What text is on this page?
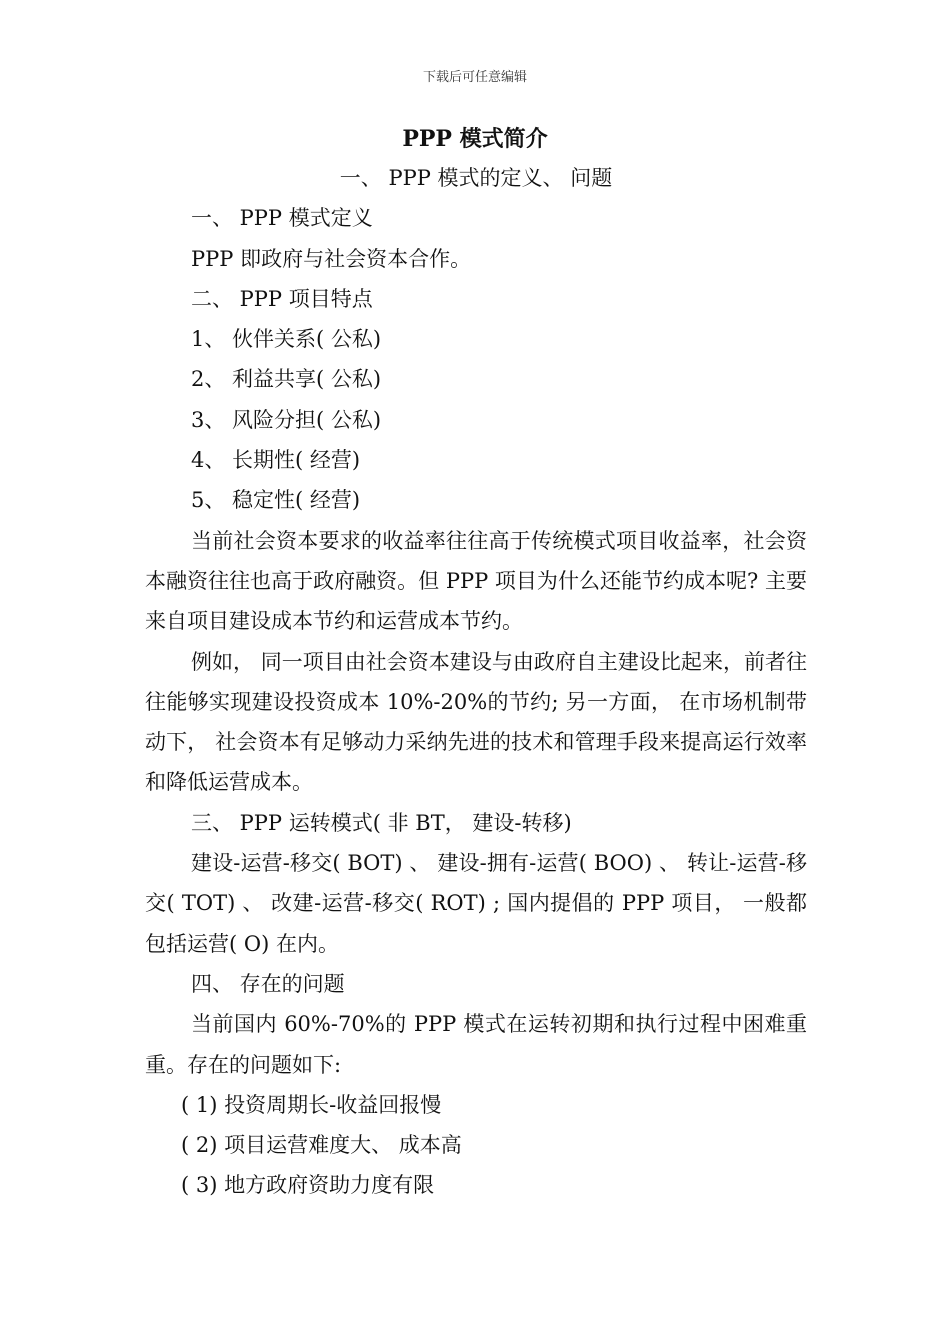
下载后可任意编辑
PPP 模式简介

一、 PPP 模式的定义、 问题

一、 PPP 模式定义

PPP 即政府与社会资本合作。

二、 PPP 项目特点

1、 伙伴关系( 公私)

2、 利益共享( 公私)

3、 风险分担( 公私)

4、 长期性( 经营)

5、 稳定性( 经营)

当前社会资本要求的收益率往往高于传统模式项目收益率，社会资本融资往往也高于政府融资。但 PPP 项目为什么还能节约成本呢? 主要来自项目建设成本节约和运营成本节约。

例如， 同一项目由社会资本建设与由政府自主建设比起来，前者往往能够实现建设投资成本 10%-20%的节约; 另一方面， 在市场机制带动下， 社会资本有足够动力采纳先进的技术和管理手段来提高运行效率和降低运营成本。

三、 PPP 运转模式( 非 BT， 建设-转移)

建设-运营-移交( BOT) 、 建设-拥有-运营( BOO) 、 转让-运营-移交( TOT) 、 改建-运营-移交( ROT) ; 国内提倡的 PPP 项目， 一般都包括运营( O) 在内。

四、 存在的问题

当前国内 60%-70%的 PPP 模式在运转初期和执行过程中困难重重。存在的问题如下:

( 1) 投资周期长-收益回报慢

( 2) 项目运营难度大、 成本高

( 3) 地方政府资助力度有限
